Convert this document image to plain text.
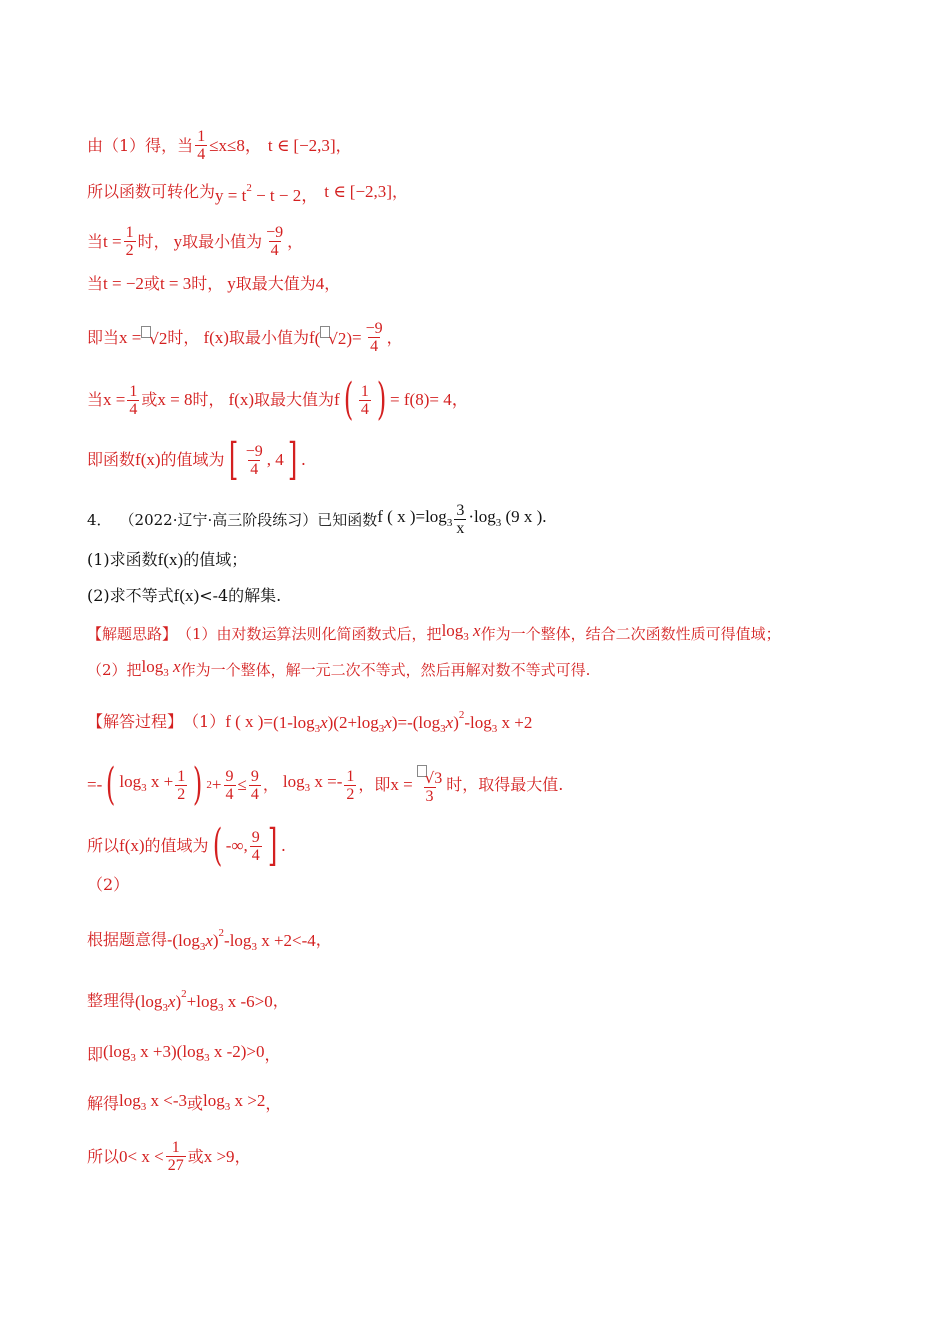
由（1）得，当 $\frac{1}{4} \le x\le 8$， t ∈ [−2,3] ，
所以函数可转化为 $y = t^2 - t - 2$， t ∈ [−2,3] ，
当 $t = \frac{1}{2}$ 时， y 取最小值为 $\frac{-9}{4}$ ，
当 t = −2 或 t = 3 时， y 取最大值为 4 ，
即当 x = √2 时， f (x) 取最小值为 f ( $√2) = \frac{-9}{4}$ ，
当 $x = \frac{1}{4}$ 或 x = 8 时， f (x) 取最大值为 f ( $\frac{1}{4}$ ) = f (8) = 4，
即函数 f (x) 的值域为 [ $\frac{-9}{4}$ , 4 ] .
4． （2022·辽宁·高三阶段练习）已知函数 f ( x )$=\log_3 \frac{3}{x} \cdot\log_3$ (9 x ).
(1)求函数 f (x) 的值域；
(2)求不等式 f (x) <-4的解集.
【解题思路】 （1）由对数运算法则化简函数式后，把 $\log_3 x$ 作为一个整体，结合二次函数性质可得值域；
（2）把 $\log_3 x$ 作为一个整体，解一元二次不等式，然后再解对数不等式可得.
【解答过程】 （1） f ( x )= $(1-\log_3x)(2+\log_3x)=-(\log_3x)^2-\log_3$ x +2
=- ( $\log_3 x + \frac{1}{2}$ ) $2 + \frac{9}{4} \le \frac{9}{4}$ ， $\log_3 x =- \frac{1}{2}$ ，即 $x = \frac{√3}{3}$ 时，取得最大值.
所以 f (x) 的值域为 ( -∞, $\frac{9}{4}$ ] .
（2）
根据题意得- $(\log_3x)^2-\log_3$ x +2<-4 ，
整理得 $(\log_3x)^2+\log_3$ x -6>0 ，
即 ($\log_3$ $x +3)(\log_3$ x -2)>0 ，
解得 $\log_3 x <-3$ 或 $\log_3 x >2$ ，
所以 $0< x < \frac{1}{27}$ 或 x >9 ，
